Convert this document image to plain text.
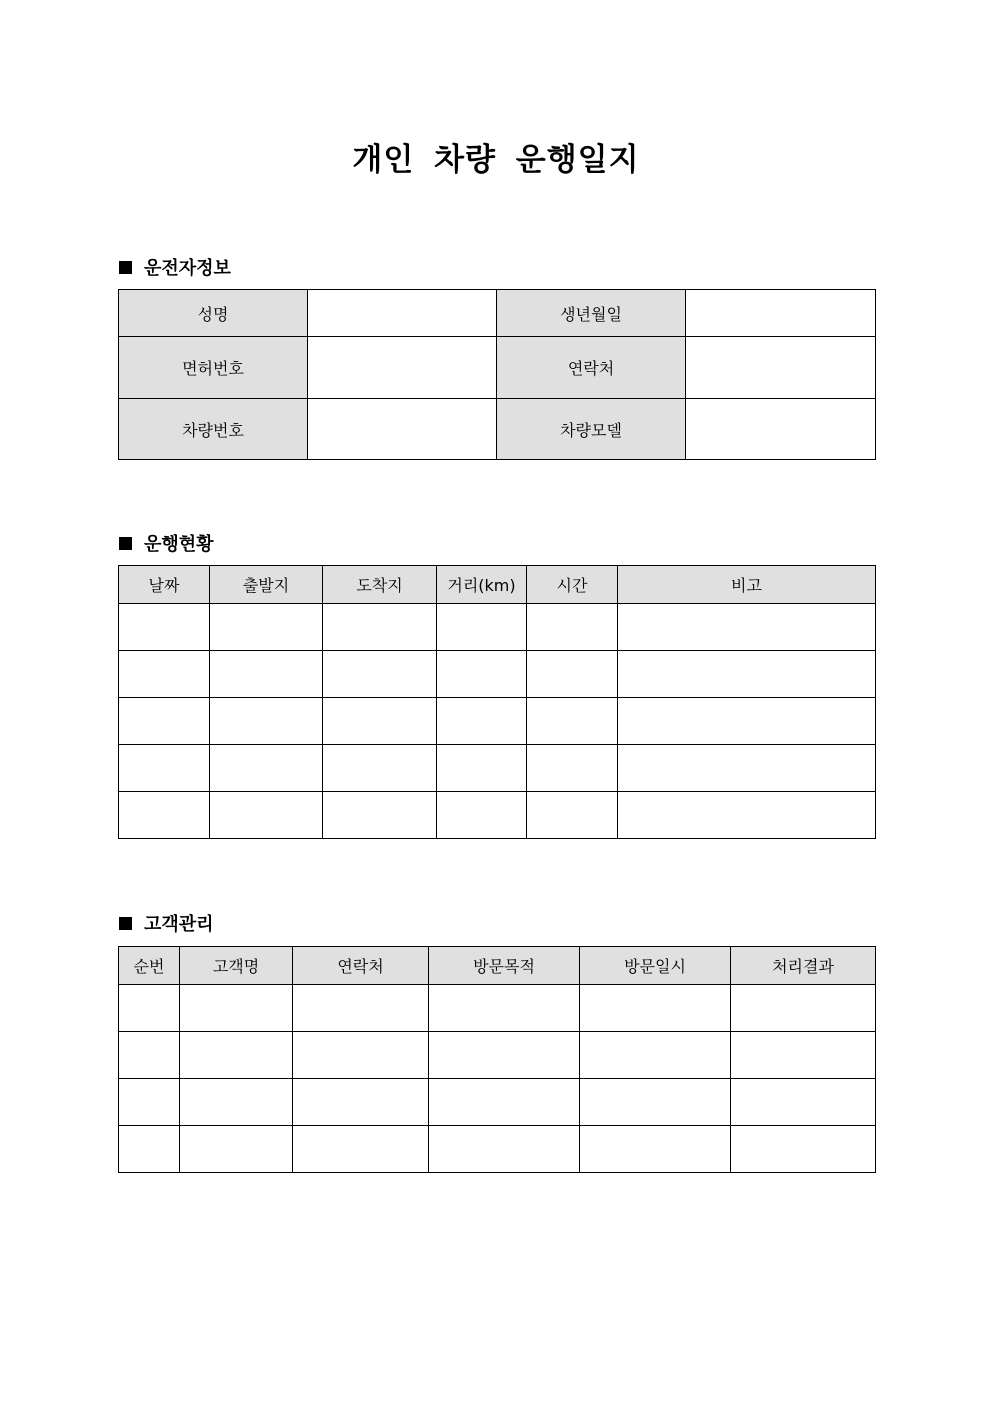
개인 차량 운행일지
운전자정보
성명		생년월일	
면허번호		연락처	
차량번호		차량모델	
운행현황
날짜	출발지	도착지	거리(km)	시간	비고

고객관리
순번	고객명	연락처	방문목적	방문일시	처리결과
